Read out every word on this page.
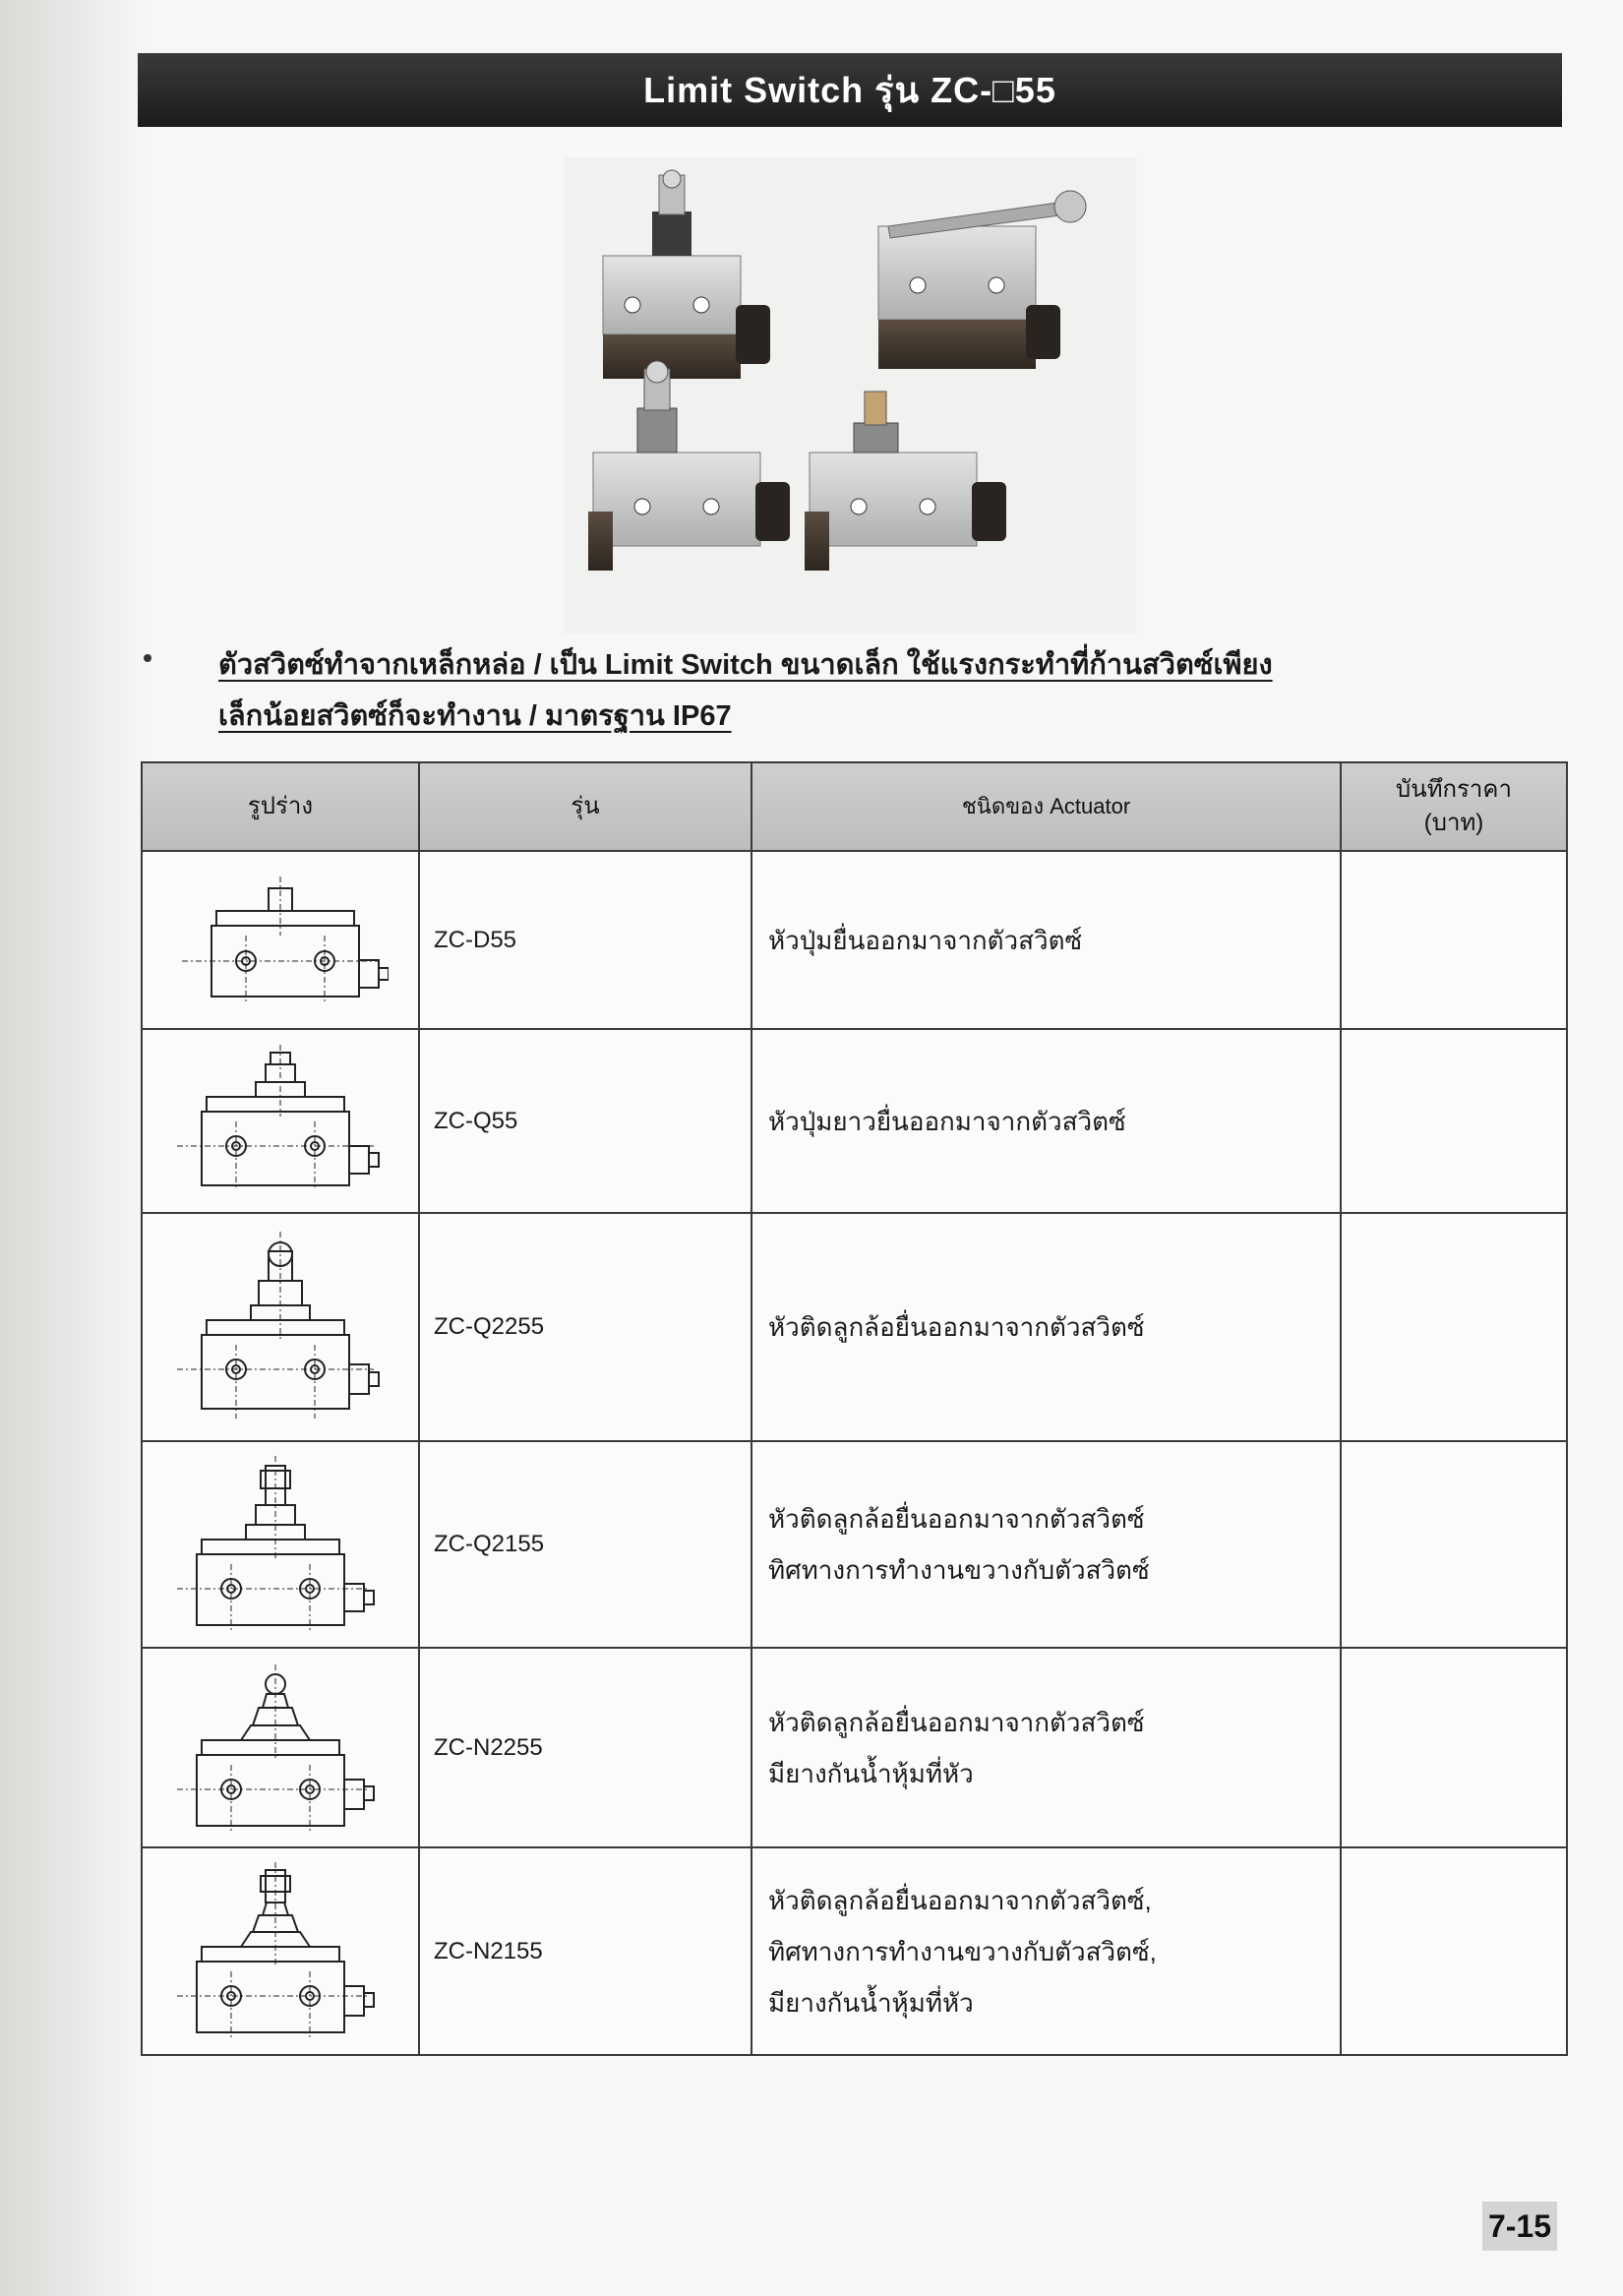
Limit Switch รุ่น ZC-□55
ตัวสวิตซ์ทำจากเหล็กหล่อ / เป็น Limit Switch ขนาดเล็ก ใช้แรงกระทำที่ก้านสวิตซ์เพียง
เล็กน้อยสวิตซ์ก็จะทำงาน / มาตรฐาน IP67
รูปร่าง	รุ่น	ชนิดของ Actuator	บันทึกราคา
(บาท)

	ZC-D55	หัวปุ่มยื่นออกมาจากตัวสวิตซ์	

	ZC-Q55	หัวปุ่มยาวยื่นออกมาจากตัวสวิตซ์	

	ZC-Q2255	หัวติดลูกล้อยื่นออกมาจากตัวสวิตซ์	

	ZC-Q2155	หัวติดลูกล้อยื่นออกมาจากตัวสวิตซ์
ทิศทางการทำงานขวางกับตัวสวิตซ์	

	ZC-N2255	หัวติดลูกล้อยื่นออกมาจากตัวสวิตซ์
มียางกันน้ำหุ้มที่หัว	

	ZC-N2155	หัวติดลูกล้อยื่นออกมาจากตัวสวิตซ์,
ทิศทางการทำงานขวางกับตัวสวิตซ์,
มียางกันน้ำหุ้มที่หัว	

7-15
